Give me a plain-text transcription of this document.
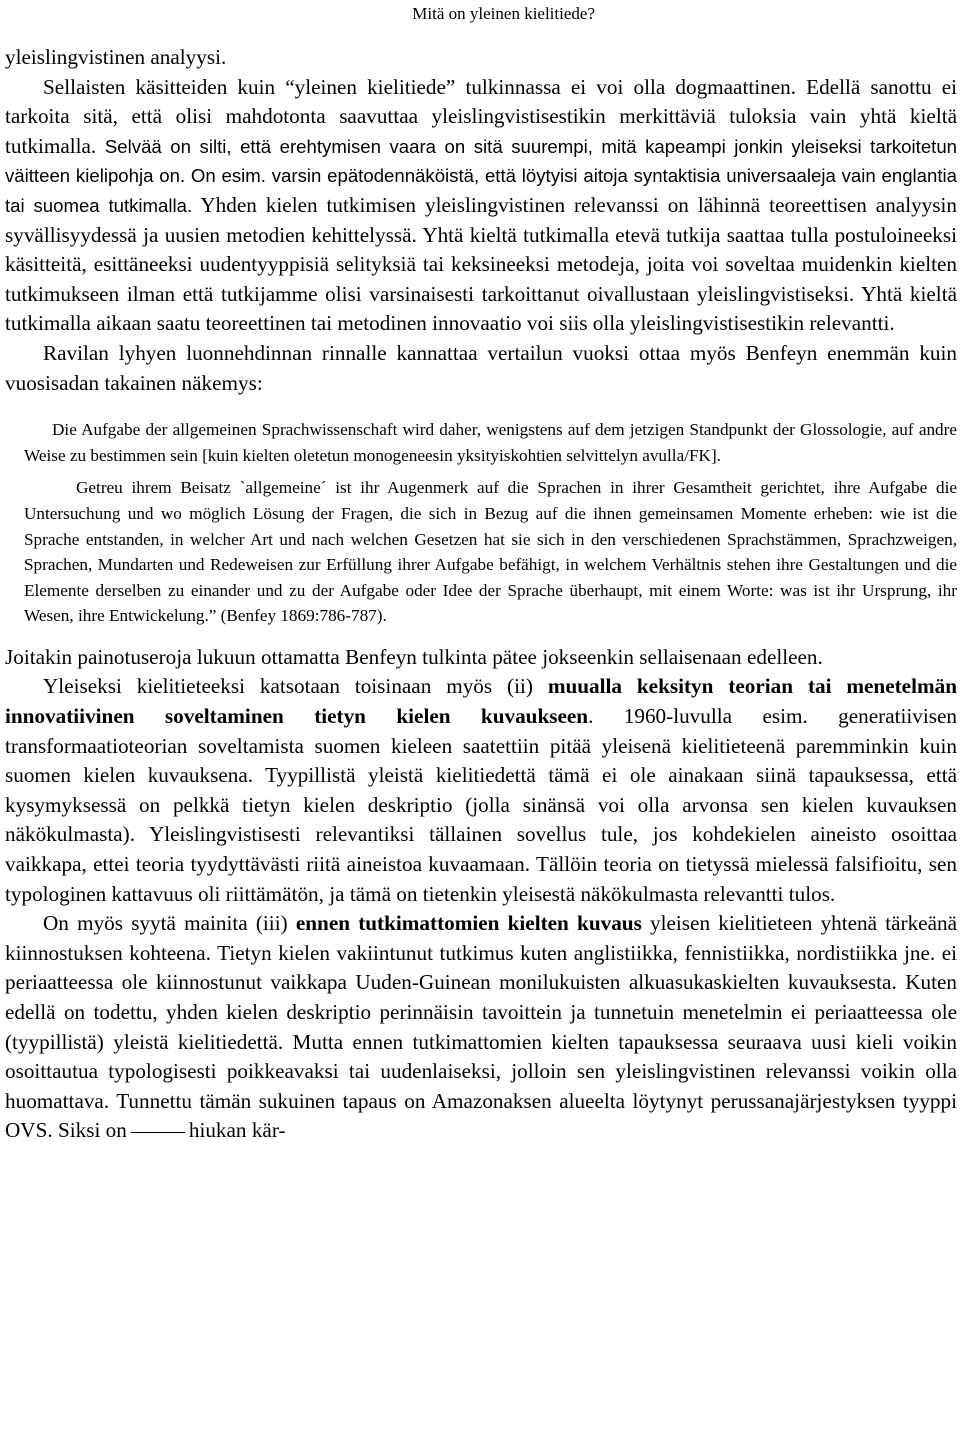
Mitä on yleinen kielitiede?

yleislingvistinen analyysi.
Sellaisten käsitteiden kuin “yleinen kielitiede” tulkinnassa ei voi olla dogmaattinen. Edellä sanottu ei tarkoita sitä, että olisi mahdotonta saavuttaa yleislingvistisestikin merkittäviä tuloksia vain yhtä kieltä tutkimalla. Selvää on silti, että erehtymisen vaara on sitä suurempi, mitä kapeampi jonkin yleiseksi tarkoitetun väitteen kielipohja on. On esim. varsin epätodennäköistä, että löytyisi aitoja syntaktisia universaaleja vain englantia tai suomea tutkimalla. Yhden kielen tutkimisen yleislingvistinen relevanssi on lähinnä teoreettisen analyysin syvällisyydessä ja uusien metodien kehittelyssä. Yhtä kieltä tutkimalla etevä tutkija saattaa tulla postuloineeksi käsitteitä, esittäneeksi uudentyyppisiä selityksiä tai keksineeksi metodeja, joita voi soveltaa muidenkin kielten tutkimukseen ilman että tutkijamme olisi varsinaisesti tarkoittanut oivallustaan yleislingvistiseksi. Yhtä kieltä tutkimalla aikaan saatu teoreettinen tai metodinen innovaatio voi siis olla yleislingvistisestikin relevantti.

Ravilan lyhyen luonnehdinnan rinnalle kannattaa vertailun vuoksi ottaa myös Benfeyn enemmän kuin vuosisadan takainen näkemys:

Die Aufgabe der allgemeinen Sprachwissenschaft wird daher, wenigstens auf dem jetzigen Standpunkt der Glossologie, auf andre Weise zu bestimmen sein [kuin kielten oletetun monogeneesin yksityiskohtien selvittelyn avulla/FK].

Getreu ihrem Beisatz `allgemeine´ ist ihr Augenmerk auf die Sprachen in ihrer Gesamtheit gerichtet, ihre Aufgabe die Untersuchung und wo möglich Lösung der Fragen, die sich in Bezug auf die ihnen gemeinsamen Momente erheben: wie ist die Sprache entstanden, in welcher Art und nach welchen Gesetzen hat sie sich in den verschiedenen Sprachstämmen, Sprachzweigen, Sprachen, Mundarten und Redeweisen zur Erfüllung ihrer Aufgabe befähigt, in welchem Verhältnis stehen ihre Gestaltungen und die Elemente derselben zu einander und zu der Aufgabe oder Idee der Sprache überhaupt, mit einem Worte: was ist ihr Ursprung, ihr Wesen, ihre Entwickelung.” (Benfey 1869:786-787).

Joitakin painotuseroja lukuun ottamatta Benfeyn tulkinta pätee jokseenkin sellaisenaan edelleen.

Yleiseksi kielitieteeksi katsotaan toisinaan myös (ii) muualla keksityn teorian tai menetelmän innovatiivinen soveltaminen tietyn kielen kuvaukseen. 1960-luvulla esim. generatiivisen transformaatioteorian soveltamista suomen kieleen saatettiin pitää yleisenä kielitieteenä paremminkin kuin suomen kielen kuvauksena. Tyypillistä yleistä kielitiedettä tämä ei ole ainakaan siinä tapauksessa, että kysymyksessä on pelkkä tietyn kielen deskriptio (jolla sinänsä voi olla arvonsa sen kielen kuvauksen näkökulmasta). Yleislingvistisesti relevantiksi tällainen sovellus tule, jos kohdekielen aineisto osoittaa vaikkapa, ettei teoria tyydyttävästi riitä aineistoa kuvaamaan. Tällöin teoria on tietyssä mielessä falsifioitu, sen typologinen kattavuus oli riittämätön, ja tämä on tietenkin yleisestä näkökulmasta relevantti tulos.

On myös syytä mainita (iii) ennen tutkimattomien kielten kuvaus yleisen kielitieteen yhtenä tärkeänä kiinnostuksen kohteena. Tietyn kielen vakiintunut tutkimus kuten anglistiikka, fennistiikka, nordistiikka jne. ei periaatteessa ole kiinnostunut vaikkapa Uuden-Guinean monilukuisten alkuasukaskielten kuvauksesta. Kuten edellä on todettu, yhden kielen deskriptio perinnäisin tavoittein ja tunnetuin menetelmin ei periaatteessa ole (tyypillistä) yleistä kielitiedettä. Mutta ennen tutkimattomien kielten tapauksessa seuraava uusi kieli voikin osoittautua typologisesti poikkeavaksi tai uudenlaiseksi, jolloin sen yleislingvistinen relevanssi voikin olla huomattava. Tunnettu tämän sukuinen tapaus on Amazonaksen alueelta löytynyt perussanajärjestyksen tyyppi OVS. Siksi on	hiukan kär-
